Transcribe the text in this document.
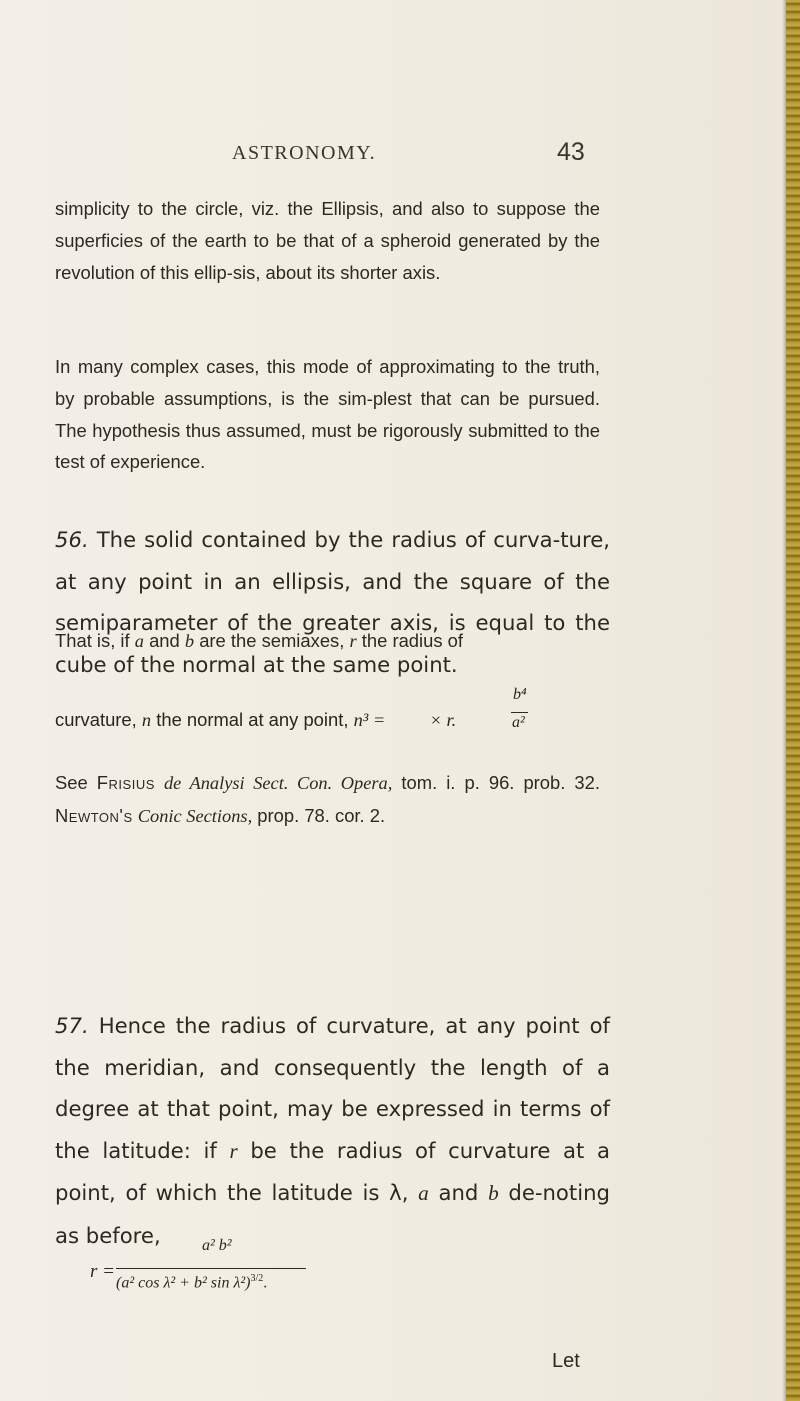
ASTRONOMY.	43

simplicity to the circle, viz. the Ellipsis, and also to suppose the superficies of the earth to be that of a spheroid generated by the revolution of this ellip-sis, about its shorter axis.

In many complex cases, this mode of approximating to the truth, by probable assumptions, is the sim-plest that can be pursued. The hypothesis thus assumed, must be rigorously submitted to the test of experience.

56. The solid contained by the radius of curva-ture, at any point in an ellipsis, and the square of the semiparameter of the greater axis, is equal to the cube of the normal at the same point.

That is, if a and b are the semiaxes, r the radius of

curvature, n the normal at any point, n³ = × r.

b⁴
a²

See Frisius de Analysi Sect. Con. Opera, tom. i. p. 96. prob. 32. Newton's Conic Sections, prop. 78. cor. 2.

57. Hence the radius of curvature, at any point of the meridian, and consequently the length of a degree at that point, may be expressed in terms of the latitude: if r be the radius of curvature at a point, of which the latitude is λ, a and b de-noting as before,

r =
a² b²
(a² cos λ² + b² sin λ²)$^{3/2}$.
Let
